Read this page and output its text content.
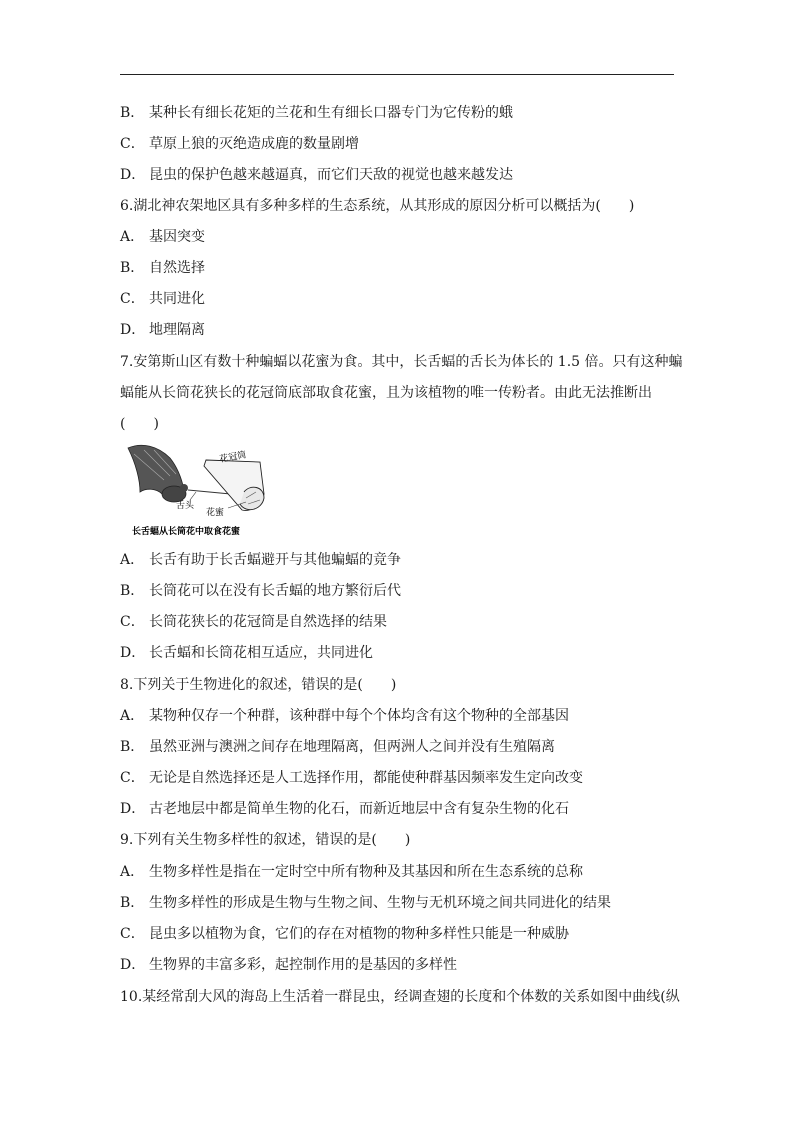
B． 某种长有细长花矩的兰花和生有细长口器专门为它传粉的蛾
C． 草原上狼的灭绝造成鹿的数量剧增
D． 昆虫的保护色越来越逼真，而它们天敌的视觉也越来越发达
6.湖北神农架地区具有多种多样的生态系统，从其形成的原因分析可以概括为(　　)
A． 基因突变
B． 自然选择
C． 共同进化
D． 地理隔离
7.安第斯山区有数十种蝙蝠以花蜜为食。其中，长舌蝠的舌长为体长的 1.5 倍。只有这种蝙
蝠能从长筒花狭长的花冠筒底部取食花蜜，且为该植物的唯一传粉者。由此无法推断出
(　　)
花冠筒
舌头
花蜜
长舌蝠从长筒花中取食花蜜
A． 长舌有助于长舌蝠避开与其他蝙蝠的竞争
B． 长筒花可以在没有长舌蝠的地方繁衍后代
C． 长筒花狭长的花冠筒是自然选择的结果
D． 长舌蝠和长筒花相互适应，共同进化
8.下列关于生物进化的叙述，错误的是(　　)
A． 某物种仅存一个种群，该种群中每个个体均含有这个物种的全部基因
B． 虽然亚洲与澳洲之间存在地理隔离，但两洲人之间并没有生殖隔离
C． 无论是自然选择还是人工选择作用，都能使种群基因频率发生定向改变
D． 古老地层中都是简单生物的化石，而新近地层中含有复杂生物的化石
9.下列有关生物多样性的叙述，错误的是(　　)
A． 生物多样性是指在一定时空中所有物种及其基因和所在生态系统的总称
B． 生物多样性的形成是生物与生物之间、生物与无机环境之间共同进化的结果
C． 昆虫多以植物为食，它们的存在对植物的物种多样性只能是一种威胁
D． 生物界的丰富多彩，起控制作用的是基因的多样性
10.某经常刮大风的海岛上生活着一群昆虫，经调查翅的长度和个体数的关系如图中曲线(纵
